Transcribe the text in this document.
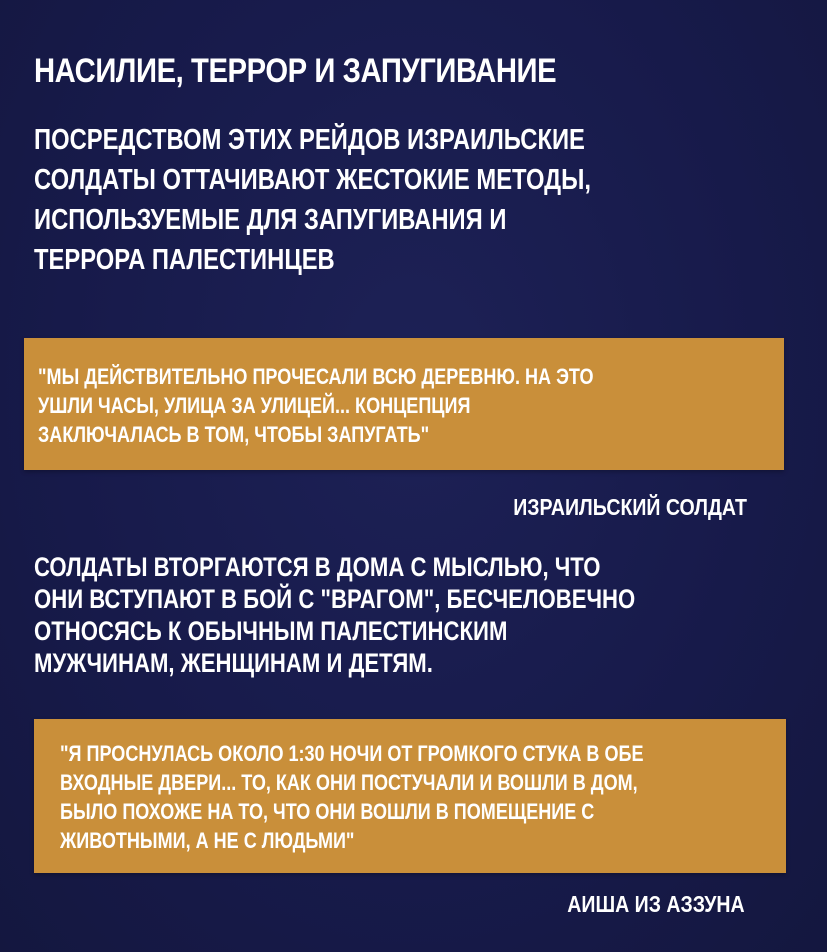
НАСИЛИЕ, ТЕРРОР И ЗАПУГИВАНИЕ
ПОСРЕДСТВОМ ЭТИХ РЕЙДОВ ИЗРАИЛЬСКИЕ
СОЛДАТЫ ОТТАЧИВАЮТ ЖЕСТОКИЕ МЕТОДЫ,
ИСПОЛЬЗУЕМЫЕ ДЛЯ ЗАПУГИВАНИЯ И
ТЕРРОРА ПАЛЕСТИНЦЕВ
"МЫ ДЕЙСТВИТЕЛЬНО ПРОЧЕСАЛИ ВСЮ ДЕРЕВНЮ. НА ЭТО
УШЛИ ЧАСЫ, УЛИЦА ЗА УЛИЦЕЙ... КОНЦЕПЦИЯ
ЗАКЛЮЧАЛАСЬ В ТОМ, ЧТОБЫ ЗАПУГАТЬ"
ИЗРАИЛЬСКИЙ СОЛДАТ
СОЛДАТЫ ВТОРГАЮТСЯ В ДОМА С МЫСЛЬЮ, ЧТО
ОНИ ВСТУПАЮТ В БОЙ С "ВРАГОМ", БЕСЧЕЛОВЕЧНО
ОТНОСЯСЬ К ОБЫЧНЫМ ПАЛЕСТИНСКИМ
МУЖЧИНАМ, ЖЕНЩИНАМ И ДЕТЯМ.
"Я ПРОСНУЛАСЬ ОКОЛО 1:30 НОЧИ ОТ ГРОМКОГО СТУКА В ОБЕ
ВХОДНЫЕ ДВЕРИ... ТО, КАК ОНИ ПОСТУЧАЛИ И ВОШЛИ В ДОМ,
БЫЛО ПОХОЖЕ НА ТО, ЧТО ОНИ ВОШЛИ В ПОМЕЩЕНИЕ С
ЖИВОТНЫМИ, А НЕ С ЛЮДЬМИ"
АИША ИЗ АЗЗУНА
